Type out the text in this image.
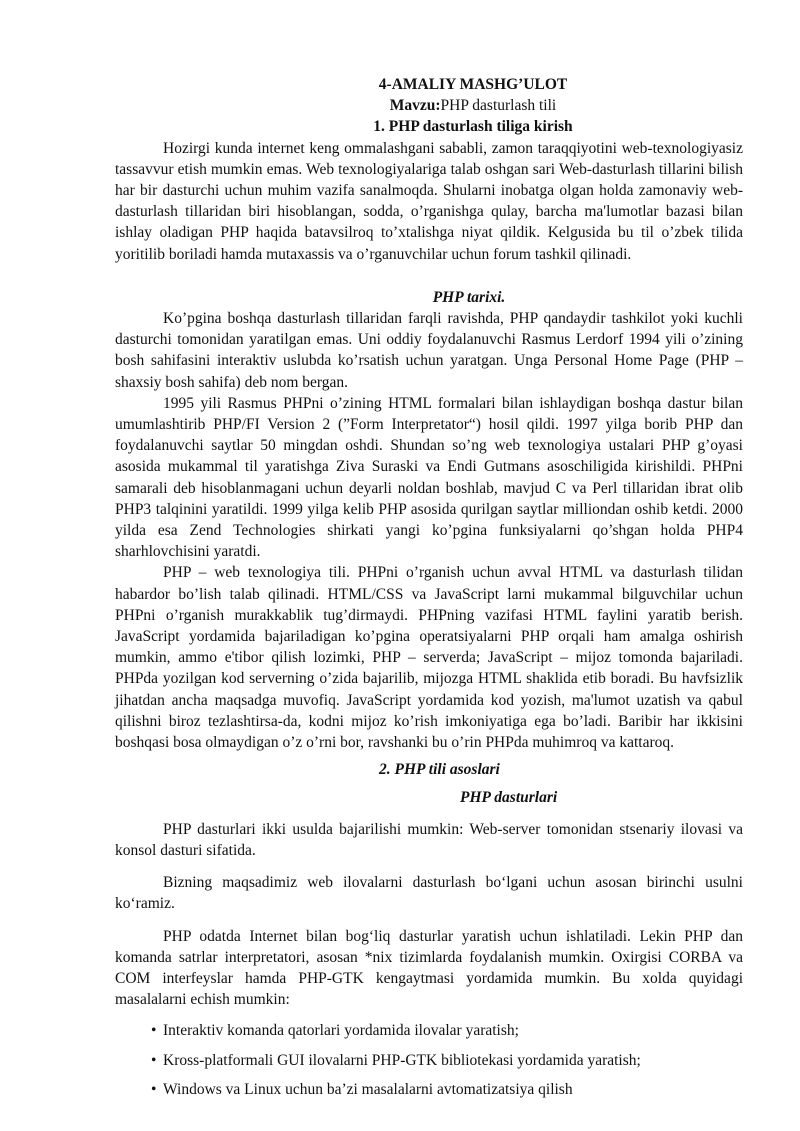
4-AMALIY MASHG’ULOT

Mavzu:PHP dasturlash tili

1. PHP dasturlash tiliga kirish

Hozirgi kunda internet keng ommalashgani sababli, zamon taraqqiyotini web-texnologiyasiz tassavvur etish mumkin emas. Web texnologiyalariga talab oshgan sari Web-dasturlash tillarini bilish har bir dasturchi uchun muhim vazifa sanalmoqda. Shularni inobatga olgan holda zamonaviy web-dasturlash tillaridan biri hisoblangan, sodda, o’rganishga qulay, barcha ma'lumotlar bazasi bilan ishlay oladigan PHP haqida batavsilroq to’xtalishga niyat qildik. Kelgusida bu til o’zbek tilida yoritilib boriladi hamda mutaxassis va o’rganuvchilar uchun forum tashkil qilinadi.

PHP tarixi.

Ko’pgina boshqa dasturlash tillaridan farqli ravishda, PHP qandaydir tashkilot yoki kuchli dasturchi tomonidan yaratilgan emas. Uni oddiy foydalanuvchi Rasmus Lerdorf 1994 yili o’zining bosh sahifasini interaktiv uslubda ko’rsatish uchun yaratgan. Unga Personal Home Page (PHP – shaxsiy bosh sahifa) deb nom bergan.

1995 yili Rasmus PHPni o’zining HTML formalari bilan ishlaydigan boshqa dastur bilan umumlashtirib PHP/FI Version 2 (”Form Interpretator“) hosil qildi. 1997 yilga borib PHP dan foydalanuvchi saytlar 50 mingdan oshdi. Shundan so’ng web texnologiya ustalari PHP g’oyasi asosida mukammal til yaratishga Ziva Suraski va Endi Gutmans asoschiligida kirishildi. PHPni samarali deb hisoblanmagani uchun deyarli noldan boshlab, mavjud C va Perl tillaridan ibrat olib PHP3 talqinini yaratildi. 1999 yilga kelib PHP asosida qurilgan saytlar milliondan oshib ketdi. 2000 yilda esa Zend Technologies shirkati yangi ko’pgina funksiyalarni qo’shgan holda PHP4 sharhlovchisini yaratdi.

PHP – web texnologiya tili. PHPni o’rganish uchun avval HTML va dasturlash tilidan habardor bo’lish talab qilinadi. HTML/CSS va JavaScript larni mukammal bilguvchilar uchun PHPni o’rganish murakkablik tug’dirmaydi. PHPning vazifasi HTML faylini yaratib berish. JavaScript yordamida bajariladigan ko’pgina operatsiyalarni PHP orqali ham amalga oshirish mumkin, ammo e'tibor qilish lozimki, PHP – serverda; JavaScript – mijoz tomonda bajariladi. PHPda yozilgan kod serverning o’zida bajarilib, mijozga HTML shaklida etib boradi. Bu havfsizlik jihatdan ancha maqsadga muvofiq. JavaScript yordamida kod yozish, ma'lumot uzatish va qabul qilishni biroz tezlashtirsa-da, kodni mijoz ko’rish imkoniyatiga ega bo’ladi. Baribir har ikkisini boshqasi bosa olmaydigan o’z o’rni bor, ravshanki bu o’rin PHPda muhimroq va kattaroq.

2. PHP tili asoslari

PHP dasturlari

PHP dasturlari ikki usulda bajarilishi mumkin: Web-server tomonidan stsenariy ilovasi va konsol dasturi sifatida.

Bizning maqsadimiz web ilovalarni dasturlash bo‘lgani uchun asosan birinchi usulni ko‘ramiz.

PHP odatda Internet bilan bog‘liq dasturlar yaratish uchun ishlatiladi. Lekin PHP dan komanda satrlar interpretatori, asosan *nix tizimlarda foydalanish mumkin. Oxirgisi CORBA va COM interfeyslar hamda PHP-GTK kengaytmasi yordamida mumkin. Bu xolda quyidagi masalalarni echish mumkin:

• Interaktiv komanda qatorlari yordamida ilovalar yaratish;
• Kross-platformali GUI ilovalarni PHP-GTK bibliotekasi yordamida yaratish;
• Windows va Linux uchun ba’zi masalalarni avtomatizatsiya qilish
